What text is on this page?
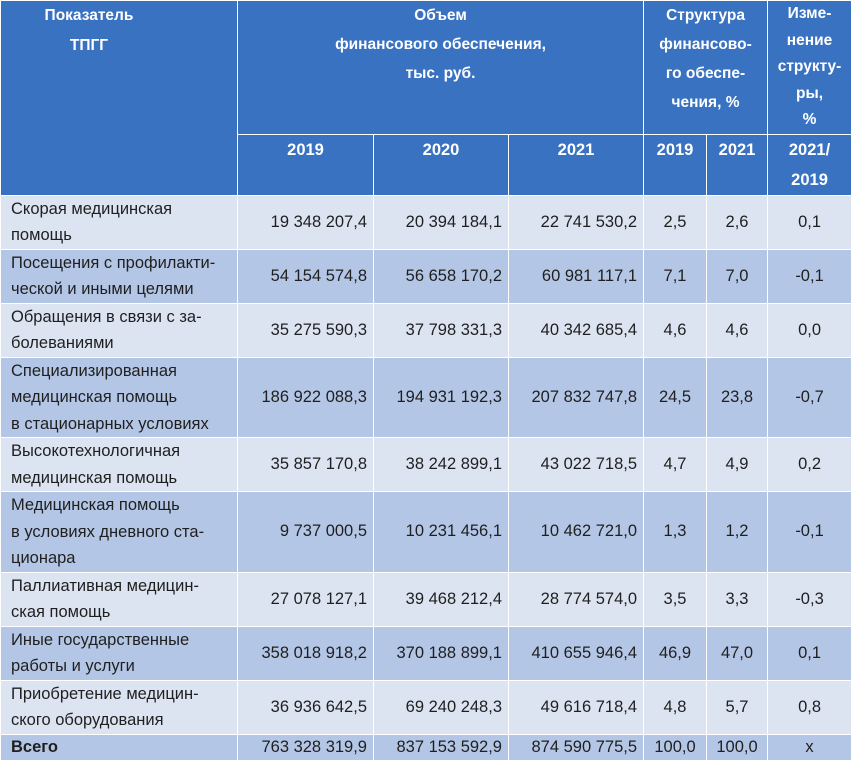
Показатель
ТПГГ	Объем
финансового обеспечения,
тыс. руб.			Структура
финансово-
го обеспе-
чения, %		Изме-
нение
структу-
ры,
%

	2019	2020	2021	2019	2021	2021/
2019

Скорая медицинская
помощь	19 348 207,4	20 394 184,1	22 741 530,2	2,5	2,6	0,1

Посещения с профилакти-
ческой и иными целями	54 154 574,8	56 658 170,2	60 981 117,1	7,1	7,0	-0,1

Обращения в связи с за-
болеваниями	35 275 590,3	37 798 331,3	40 342 685,4	4,6	4,6	0,0

Специализированная
медицинская помощь
в стационарных условиях	186 922 088,3	194 931 192,3	207 832 747,8	24,5	23,8	-0,7

Высокотехнологичная
медицинская помощь	35 857 170,8	38 242 899,1	43 022 718,5	4,7	4,9	0,2

Медицинская помощь
в условиях дневного ста-
ционара	9 737 000,5	10 231 456,1	10 462 721,0	1,3	1,2	-0,1

Паллиативная медицин-
ская помощь	27 078 127,1	39 468 212,4	28 774 574,0	3,5	3,3	-0,3

Иные государственные
работы и услуги	358 018 918,2	370 188 899,1	410 655 946,4	46,9	47,0	0,1

Приобретение медицин-
ского оборудования	36 936 642,5	69 240 248,3	49 616 718,4	4,8	5,7	0,8
Всего	763 328 319,9	837 153 592,9	874 590 775,5	100,0	100,0	x
